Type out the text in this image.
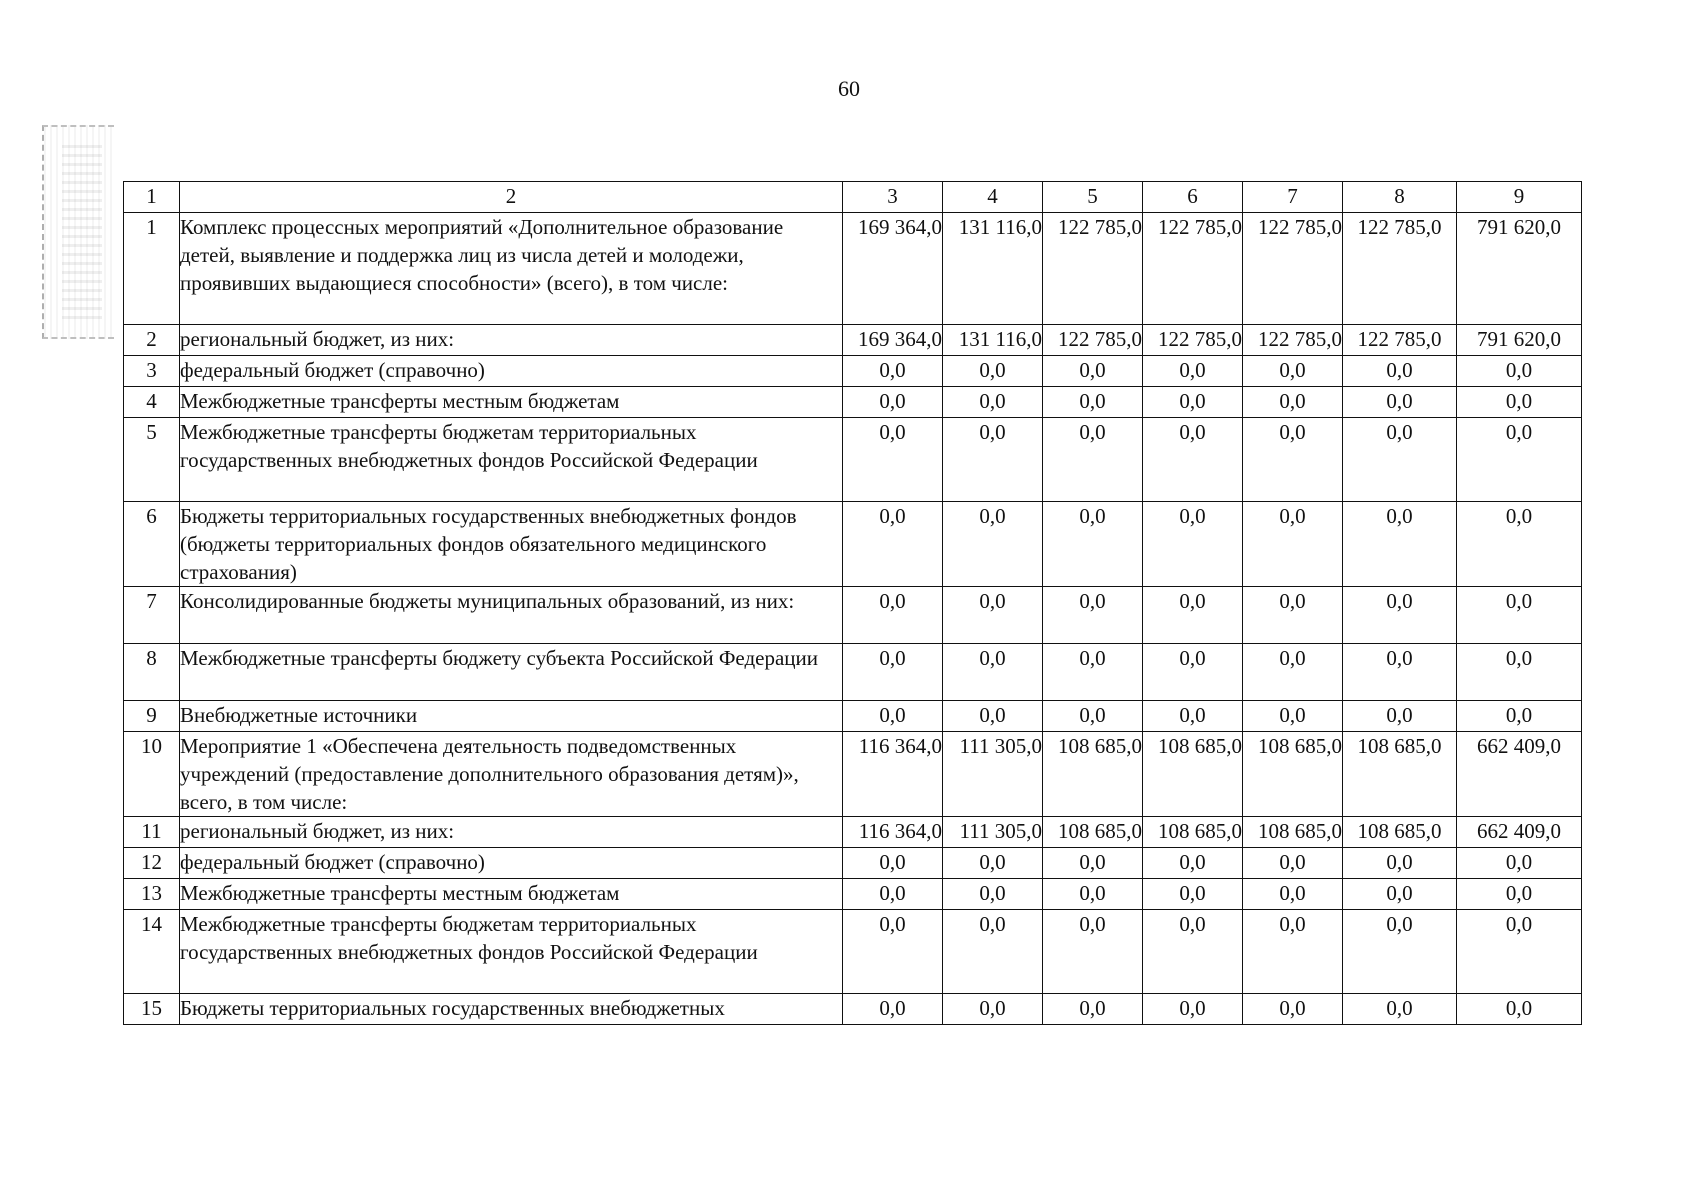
60
1	2	3	4	5	6	7	8	9
1	Комплекс процессных мероприятий «Дополнительное образование детей, выявление и поддержка лиц из числа детей и молодежи, проявивших выдающиеся способности» (всего), в том числе:	169 364,0	131 116,0	122 785,0	122 785,0	122 785,0	122 785,0	791 620,0
2	региональный бюджет, из них:	169 364,0	131 116,0	122 785,0	122 785,0	122 785,0	122 785,0	791 620,0
3	федеральный бюджет (справочно)	0,0	0,0	0,0	0,0	0,0	0,0	0,0
4	Межбюджетные трансферты местным бюджетам	0,0	0,0	0,0	0,0	0,0	0,0	0,0
5	Межбюджетные трансферты бюджетам территориальных государственных внебюджетных фондов Российской Федерации	0,0	0,0	0,0	0,0	0,0	0,0	0,0
6	Бюджеты территориальных государственных внебюджетных фондов (бюджеты территориальных фондов обязательного медицинского страхования)	0,0	0,0	0,0	0,0	0,0	0,0	0,0
7	Консолидированные бюджеты муниципальных образований, из них:	0,0	0,0	0,0	0,0	0,0	0,0	0,0
8	Межбюджетные трансферты бюджету субъекта Российской Федерации	0,0	0,0	0,0	0,0	0,0	0,0	0,0
9	Внебюджетные источники	0,0	0,0	0,0	0,0	0,0	0,0	0,0
10	Мероприятие 1 «Обеспечена деятельность подведомственных учреждений (предоставление дополнительного образования детям)», всего, в том числе:	116 364,0	111 305,0	108 685,0	108 685,0	108 685,0	108 685,0	662 409,0
11	региональный бюджет, из них:	116 364,0	111 305,0	108 685,0	108 685,0	108 685,0	108 685,0	662 409,0
12	федеральный бюджет (справочно)	0,0	0,0	0,0	0,0	0,0	0,0	0,0
13	Межбюджетные трансферты местным бюджетам	0,0	0,0	0,0	0,0	0,0	0,0	0,0
14	Межбюджетные трансферты бюджетам территориальных государственных внебюджетных фондов Российской Федерации	0,0	0,0	0,0	0,0	0,0	0,0	0,0
15	Бюджеты территориальных государственных внебюджетных	0,0	0,0	0,0	0,0	0,0	0,0	0,0
